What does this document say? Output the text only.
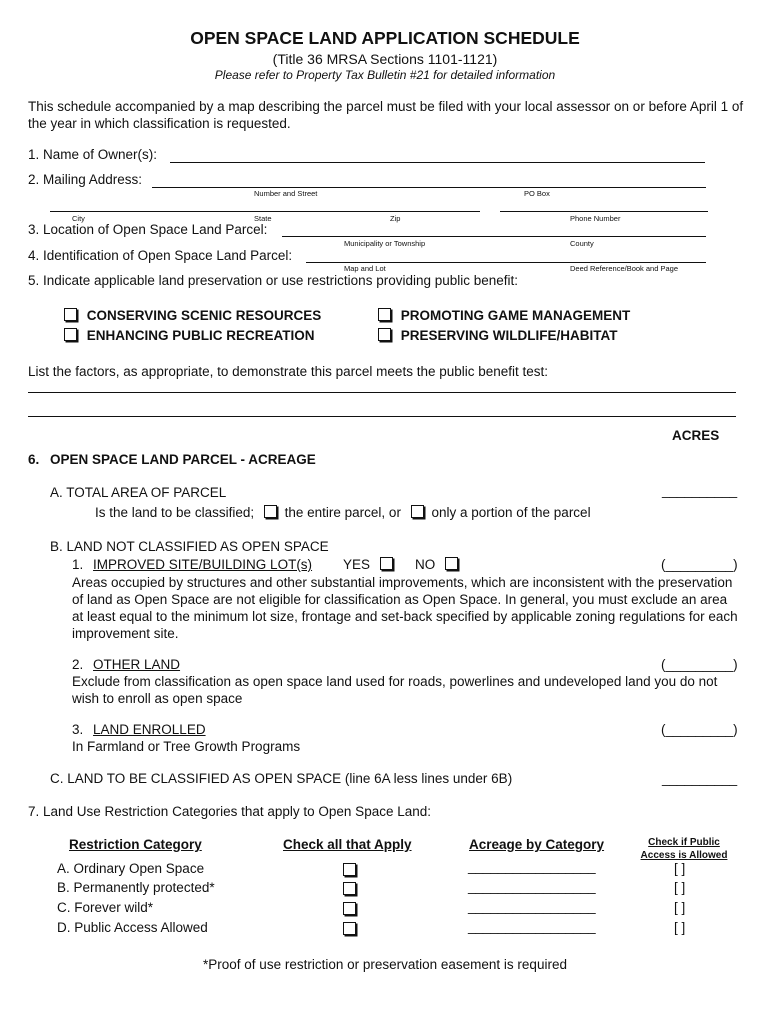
OPEN SPACE LAND APPLICATION SCHEDULE
(Title 36 MRSA Sections 1101-1121)
Please refer to Property Tax Bulletin #21 for detailed information
This schedule accompanied by a map describing the parcel must be filed with your local assessor on or before April 1 of the year in which classification is requested.
1. Name of Owner(s):
2. Mailing Address:
Number and Street	PO Box
City	State	Zip	Phone Number
3. Location of Open Space Land Parcel:
Municipality or Township	County
4. Identification of Open Space Land Parcel:
Map and Lot	Deed Reference/Book and Page
5. Indicate applicable land preservation or use restrictions providing public benefit:
CONSERVING SCENIC RESOURCES
ENHANCING PUBLIC RECREATION
PROMOTING GAME MANAGEMENT
PRESERVING WILDLIFE/HABITAT
List the factors, as appropriate, to demonstrate this parcel meets the public benefit test:
ACRES
6. OPEN SPACE LAND PARCEL - ACREAGE
A. TOTAL AREA OF PARCEL	__________
Is the land to be classified; the entire parcel, or only a portion of the parcel
B. LAND NOT CLASSIFIED AS OPEN SPACE
1. IMPROVED SITE/BUILDING LOT(s) YES	NO	(_________)
Areas occupied by structures and other substantial improvements, which are inconsistent with the preservation of land as Open Space are not eligible for classification as Open Space. In general, you must exclude an area at least equal to the minimum lot size, frontage and set-back specified by applicable zoning regulations for each improvement site.
2. OTHER LAND	(_________)
Exclude from classification as open space land used for roads, powerlines and undeveloped land you do not wish to enroll as open space
3. LAND ENROLLED	(_________)
In Farmland or Tree Growth Programs
C. LAND TO BE CLASSIFIED AS OPEN SPACE (line 6A less lines under 6B)	__________
7. Land Use Restriction Categories that apply to Open Space Land:
Restriction Category	Check all that Apply	Acreage by Category	Check if Public
Access is Allowed
A. Ordinary Open Space	_________________	[ ]
B. Permanently protected*	_________________	[ ]
C. Forever wild*	_________________	[ ]
D. Public Access Allowed	_________________	[ ]
*Proof of use restriction or preservation easement is required
